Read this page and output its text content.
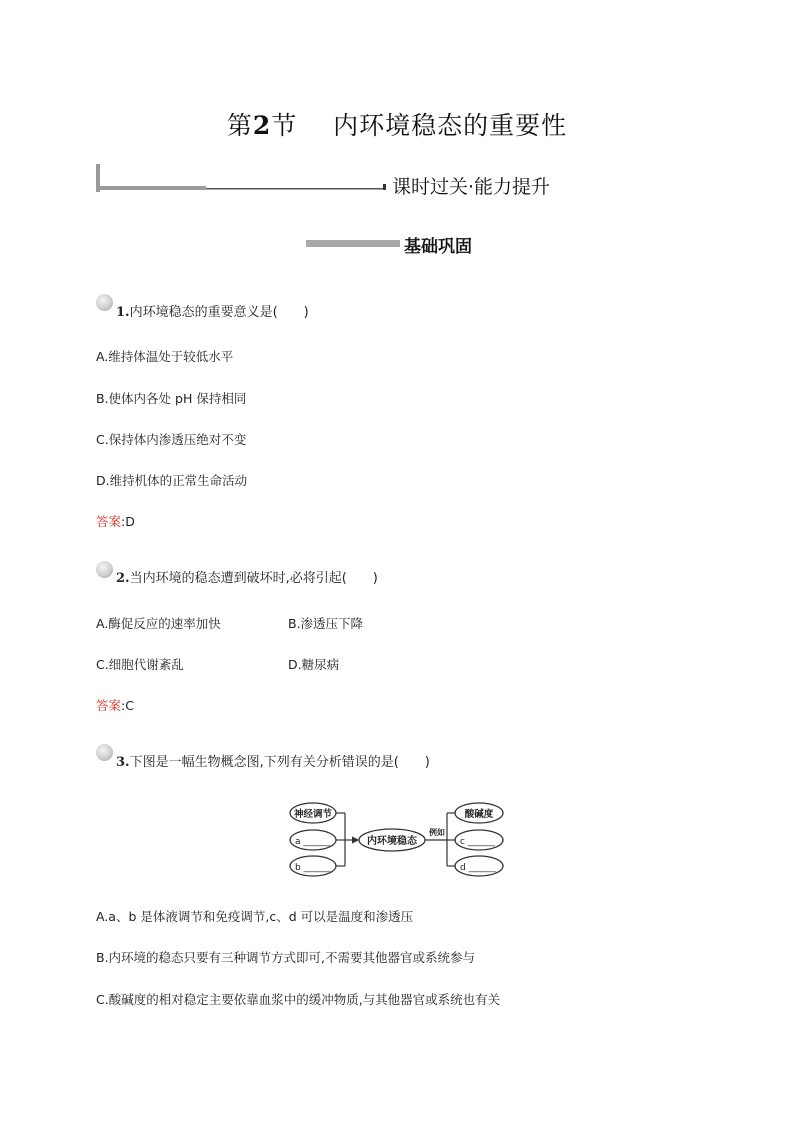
第2节 内环境稳态的重要性
课时过关·能力提升
基础巩固
1.内环境稳态的重要意义是(　　)
A.维持体温处于较低水平
B.使体内各处 pH 保持相同
C.保持体内渗透压绝对不变
D.维持机体的正常生命活动
答案:D
2.当内环境的稳态遭到破坏时,必将引起(　　)
A.酶促反应的速率加快	B.渗透压下降
C.细胞代谢紊乱	D.糖尿病
答案:C
3.下图是一幅生物概念图,下列有关分析错误的是(　　)
神经调节
a ______
b ______
内环境稳态
例如
酸碱度
c ______
d ______
A.a、b 是体液调节和免疫调节,c、d 可以是温度和渗透压
B.内环境的稳态只要有三种调节方式即可,不需要其他器官或系统参与
C.酸碱度的相对稳定主要依靠血浆中的缓冲物质,与其他器官或系统也有关
